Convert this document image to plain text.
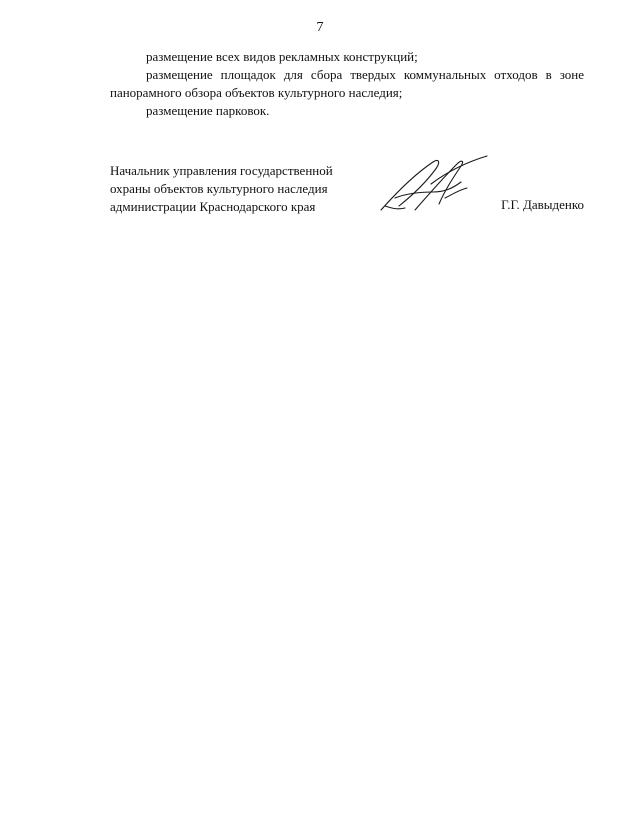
7

размещение всех видов рекламных конструкций;

размещение площадок для сбора твердых коммунальных отходов в зоне панорамного обзора объектов культурного наследия;

размещение парковок.

Начальник управления государственной
охраны объектов культурного наследия
администрации Краснодарского края	Г.Г. Давыденко
